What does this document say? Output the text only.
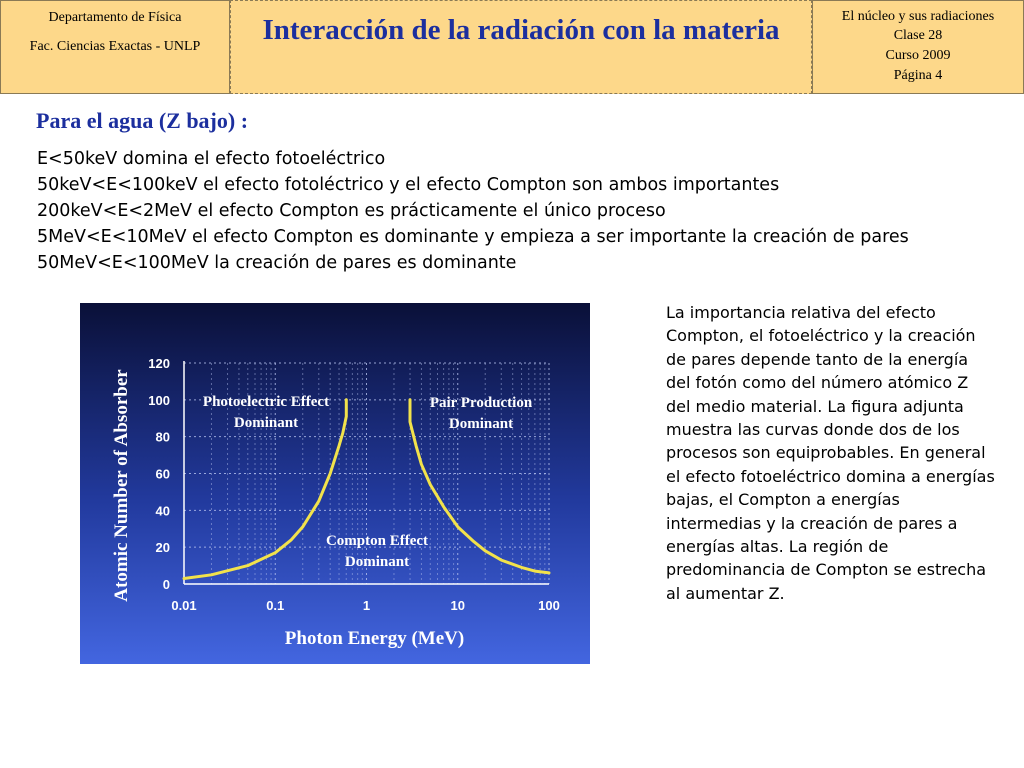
Departamento de Física
Fac. Ciencias Exactas - UNLP
Interacción de la radiación con la materia	El núcleo y sus radiaciones
Clase 28
Curso 2009
Página 4
Para el agua (Z bajo) :
E<50keV domina el efecto fotoeléctrico
50keV<E<100keV el efecto fotoléctrico y el efecto Compton son ambos importantes
200keV<E<2MeV el efecto Compton es prácticamente el único proceso
5MeV<E<10MeV el efecto Compton es dominante y empieza a ser importante la creación de pares
50MeV<E<100MeV la creación de pares es dominante
0.01	0.1	1	10	100
0
20
40
60
80
100
120
Photon Energy (MeV)
Atomic Number of Absorber	Photoelectric Effect
Dominant
Pair Production
Dominant
Compton Effect
Dominant
La importancia relativa del efecto Compton, el fotoeléctrico y la creación de pares depende tanto de la energía del fotón como del número atómico Z del medio material. La figura adjunta muestra las curvas donde dos de los procesos son equiprobables. En general el efecto fotoeléctrico domina a energías bajas, el Compton a energías intermedias y la creación de pares a energías altas. La región de predominancia de Compton se estrecha al aumentar Z.
